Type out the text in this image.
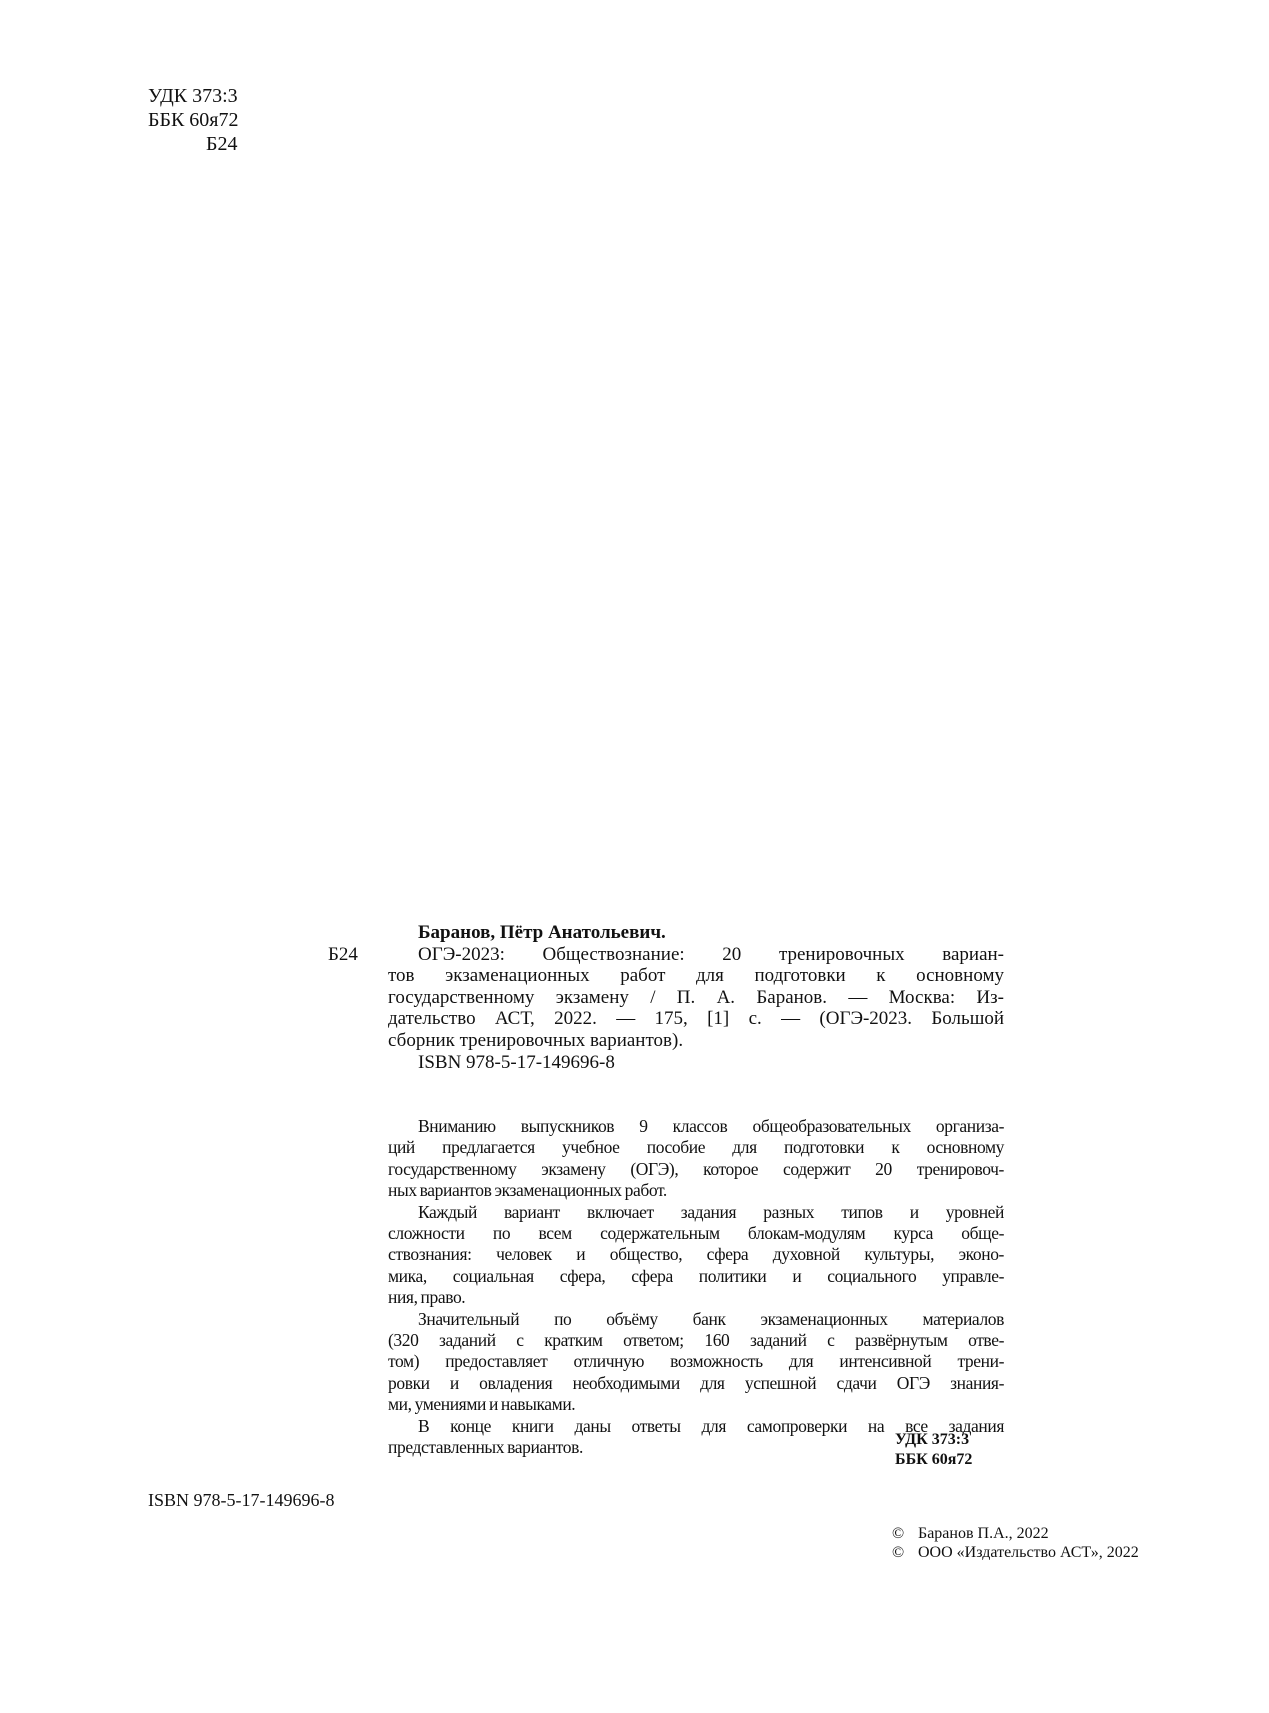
УДК 373:3
ББК 60я72
Б24
Б24
Баранов, Пётр Анатольевич.
ОГЭ-2023: Обществознание: 20 тренировочных вариан-
тов экзаменационных работ для подготовки к основному
государственному экзамену / П. А. Баранов. — Москва: Из-
дательство АСТ, 2022. — 175, [1] с. — (ОГЭ-2023. Большой
сборник тренировочных вариантов).
ISBN 978-5-17-149696-8
Вниманию выпускников 9 классов общеобразовательных организа-
ций предлагается учебное пособие для подготовки к основному
государственному экзамену (ОГЭ), которое содержит 20 тренировоч-
ных вариантов экзаменационных работ.
Каждый вариант включает задания разных типов и уровней
сложности по всем содержательным блокам-модулям курса обще-
ствознания: человек и общество, сфера духовной культуры, эконо-
мика, социальная сфера, сфера политики и социального управле-
ния, право.
Значительный по объёму банк экзаменационных материалов
(320 заданий с кратким ответом; 160 заданий с развёрнутым отве-
том) предоставляет отличную возможность для интенсивной трени-
ровки и овладения необходимыми для успешной сдачи ОГЭ знания-
ми, умениями и навыками.
В конце книги даны ответы для самопроверки на все задания
представленных вариантов.	УДК 373:3
ББК 60я72
ISBN 978-5-17-149696-8
© Баранов П.А., 2022
© ООО «Издательство АСТ», 2022
